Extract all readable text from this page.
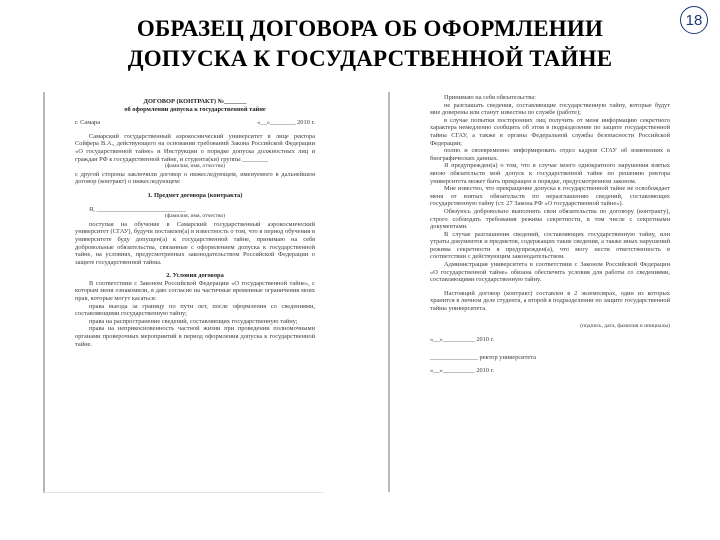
ОБРАЗЕЦ ДОГОВОРА ОБ ОФОРМЛЕНИИ
ДОПУСКА К ГОСУДАРСТВЕННОЙ ТАЙНЕ
18

ДОГОВОР (КОНТРАКТ) №_______

об оформлении допуска к государственной тайне

г. Самара	«__»________ 2010 г.

Самарский государственный аэрокосмический университет в лице ректора Сойфера В.А., действующего на основании требований Закона Российской Федерации «О государственной тайне» и Инструкции о порядке допуска должностных лиц и граждан РФ к государственной тайне, и студента(ки) группы ________

(фамилия, имя, отчество)

с другой стороны заключили договор о нижеследующем, именуемого в дальнейшем договор (контракт) о нижеследующем:

1. Предмет договора (контракта)

Я, ____________________________

(фамилия, имя, отчество)

поступая на обучение в Самарский государственный аэрокосмический университет (СГАУ), будучи поставлен(а) в известность о том, что в период обучения в университете буду допущен(а) к государственной тайне, принимаю на себя добровольные обязательства, связанные с оформлением допуска к государственной тайне, на условиях, предусмотренных законодательством Российской Федерации о защите государственной тайны.

2. Условия договора

В соответствии с Законом Российской Федерации «О государственной тайне», с которым меня ознакомили, я даю согласие на частичные временные ограничения моих прав, которые могут касаться:

права выезда за границу по пути лет, после оформления со сведениями, составляющими государственную тайну;

права на распространение сведений, составляющих государственную тайну;

права на неприкосновенность частной жизни при проведении полномочными органами проверочных мероприятий в период оформления допуска к государственной тайне.

Принимаю на себя обязательства:

не разглашать сведения, составляющие государственную тайну, которые будут мне доверены или станут известны по службе (работе);

в случае попытки посторонних лиц получить от меня информацию секретного характера немедленно сообщить об этом в подразделение по защите государственной тайны СГАУ, а также в органы Федеральной службы безопасности Российской Федерации;

полно и своевременно информировать отдел кадров СГАУ об изменениях в биографических данных.

Я предупрежден(а) о том, что в случае моего однократного нарушения взятых мною обязательств мой допуск к государственной тайне по решению ректора университета может быть прекращен в порядке, предусмотренном законом.

Мне известно, что прекращение допуска к государственной тайне не освобождает меня от взятых обязательств по неразглашению сведений, составляющих государственную тайну (ст. 27 Закона РФ «О государственной тайне»).

Обязуюсь добровольно выполнять свои обязательства по договору (контракту), строго соблюдать требования режима секретности, в том числе с секретными документами.

В случае разглашения сведений, составляющих государственную тайну, или утраты документов и предметов, содержащих такие сведения, а также иных нарушений режима секретности я предупрежден(а), что могу нести ответственность в соответствии с действующим законодательством.

Администрация университета в соответствии с Законом Российской Федерации «О государственной тайне» обязана обеспечить условия для работы со сведениями, составляющими государственную тайну.

Настоящий договор (контракт) составлен в 2 экземплярах, один из которых хранится в личном деле студента, а второй в подразделении по защите государственной тайны университета.

(подпись, дата, фамилия и инициалы)

«__»__________ 2010 г.

_______________ ректор университета

«__»__________ 2010 г.
